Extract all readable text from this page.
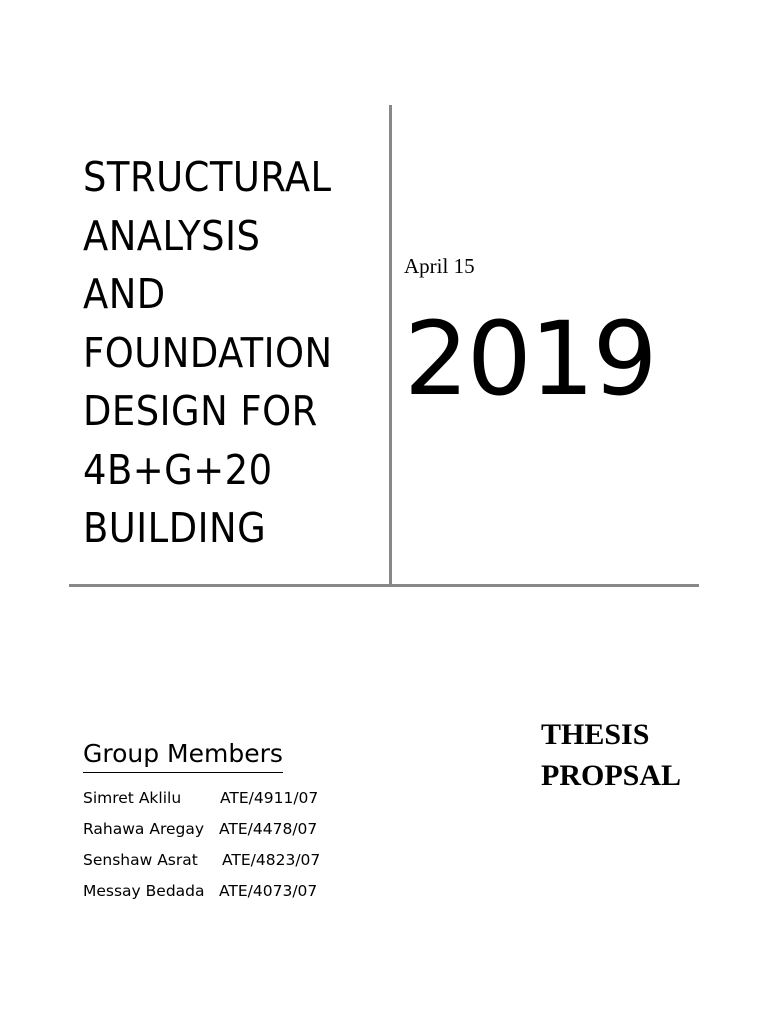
STRUCTURAL
ANALYSIS
AND
FOUNDATION
DESIGN FOR
4B+G+20
BUILDING
April 15
2019
THESIS
PROPSAL
Group Members
Simret Aklilu	ATE/4911/07
Rahawa Aregay ATE/4478/07
Senshaw Asrat ATE/4823/07
Messay Bedada ATE/4073/07
